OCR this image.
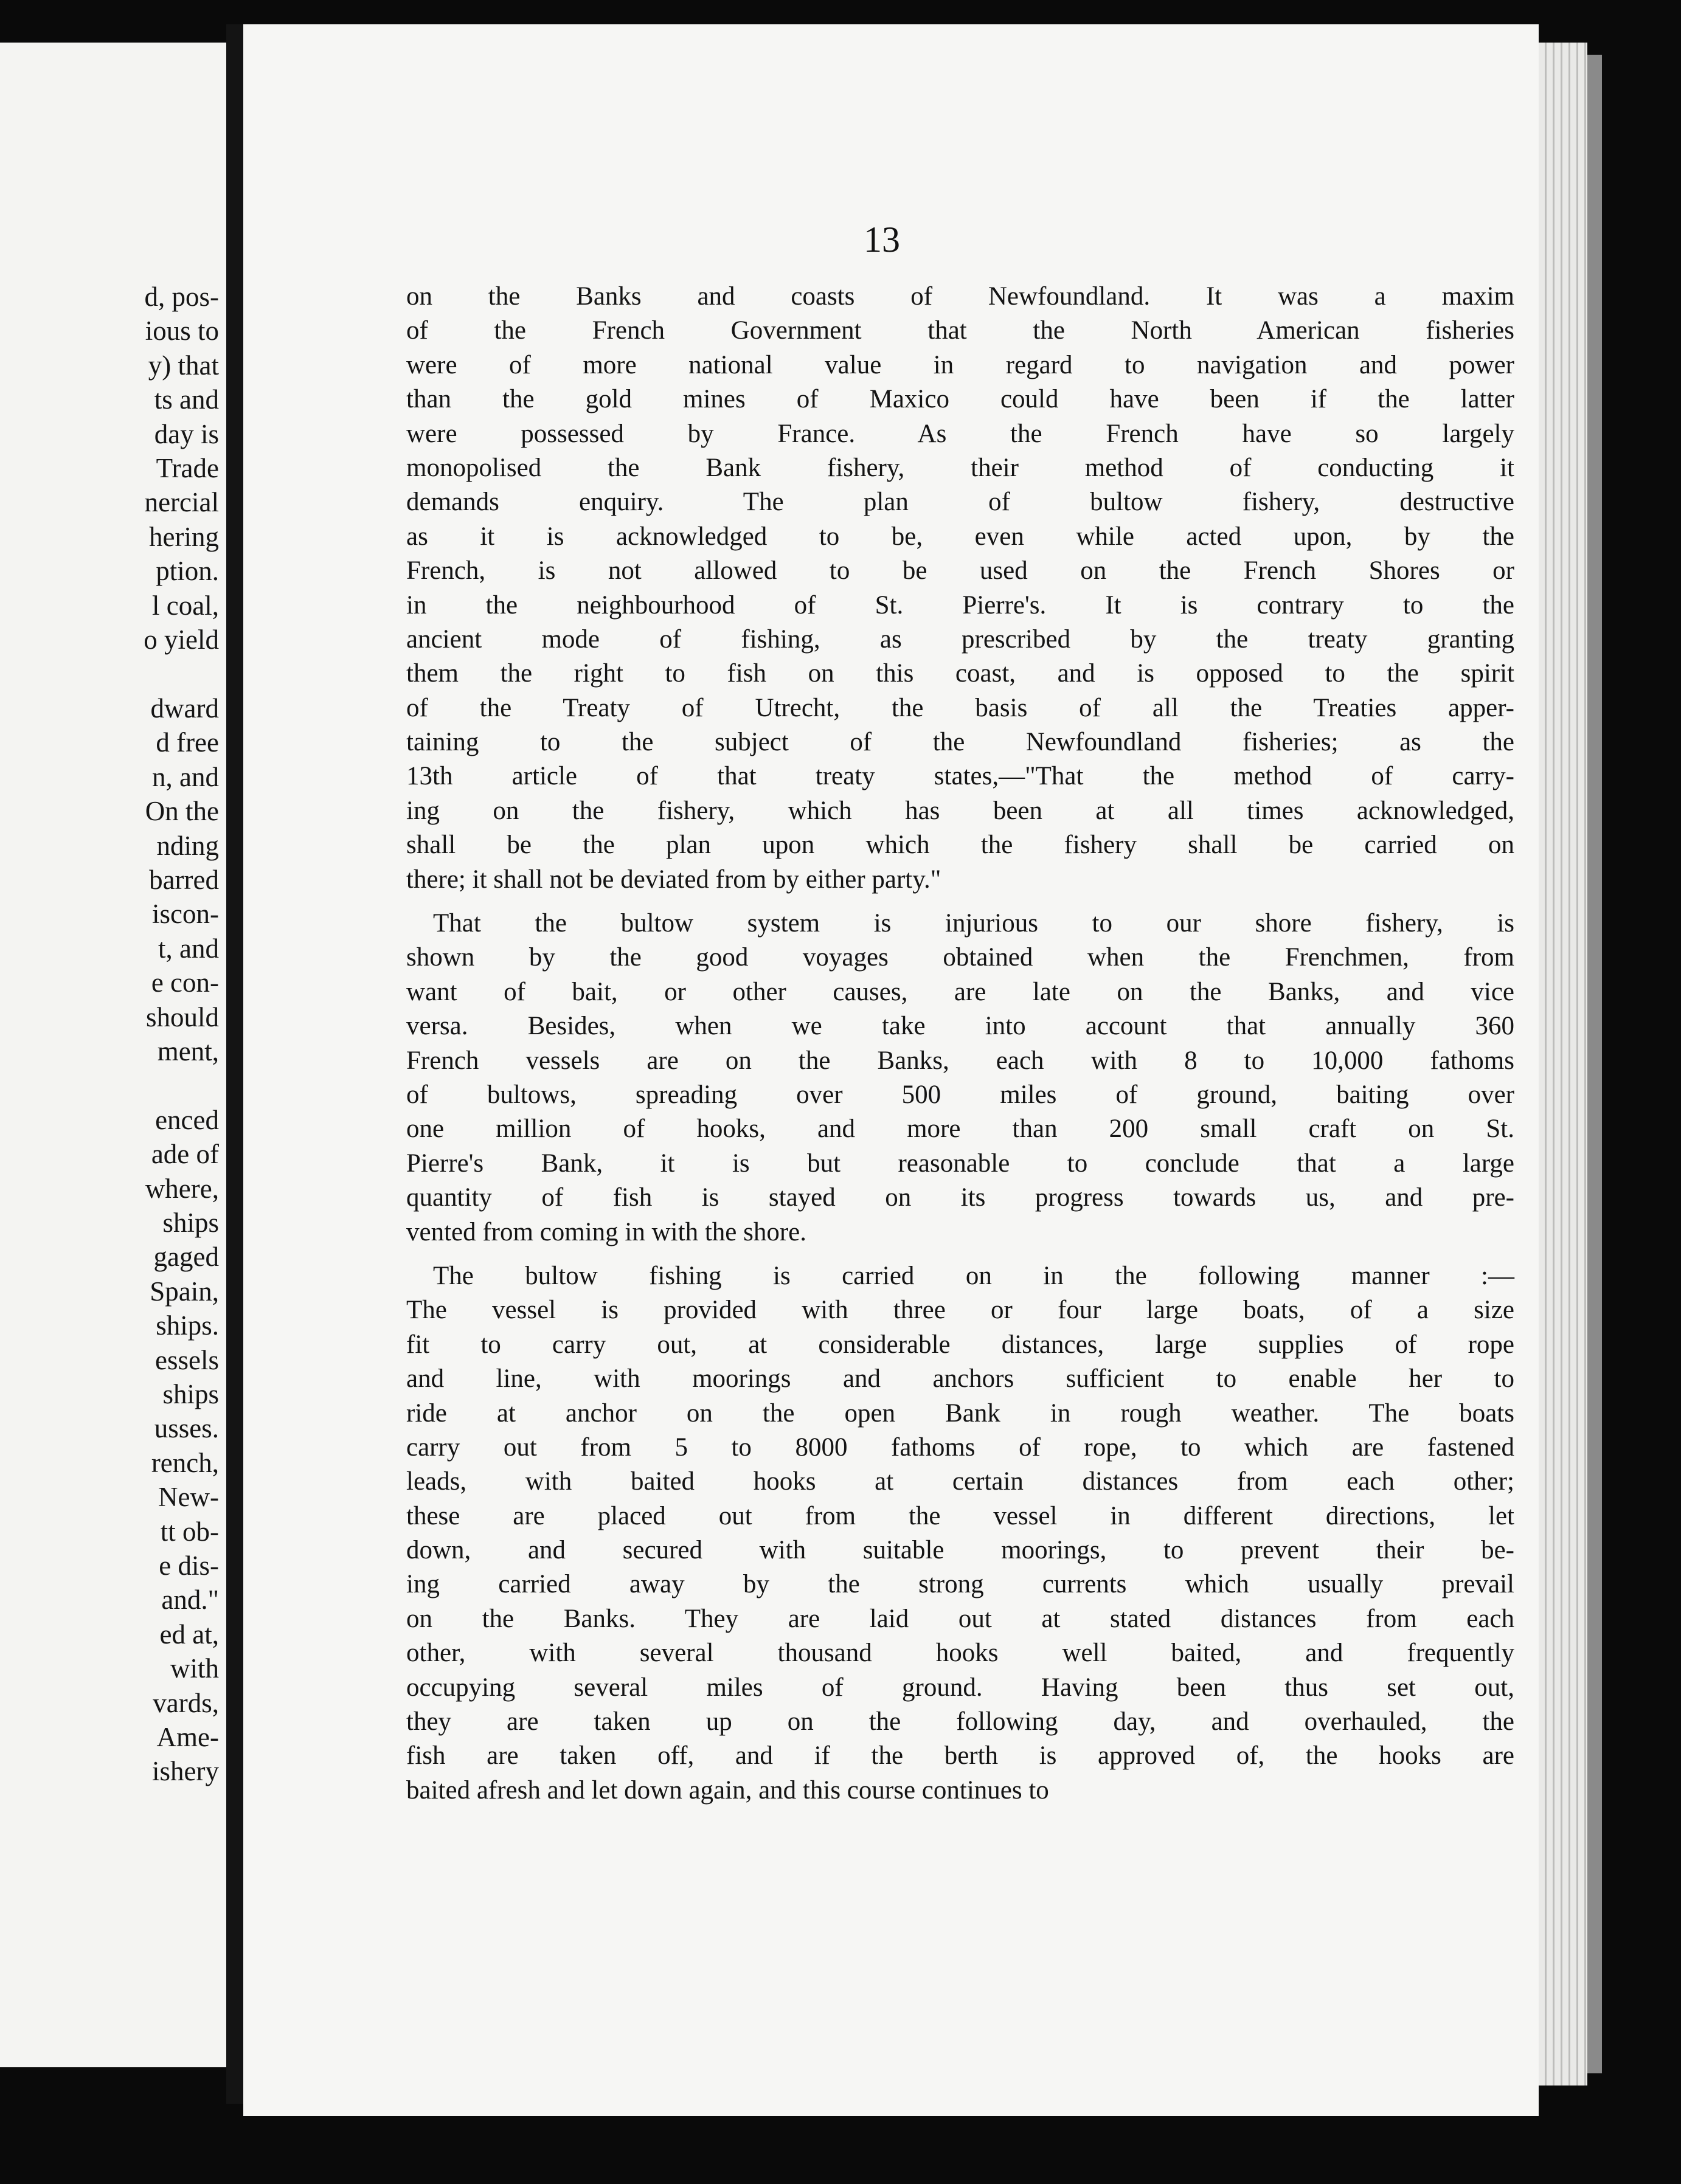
d, pos-
ious to
y) that
ts and
day is
Trade
nercial
hering
ption.
l coal,
o yield

dward
d free
n, and
On the
nding
barred
iscon-
t, and
e con-
should
ment,

enced
ade of
where,
ships
gaged
Spain,
ships.
essels
ships
usses.
rench,
New-
tt ob-
e dis-
and."
ed at,
with
vards,
Ame-
ishery

13

on the Banks and coasts of Newfoundland. It was a maxim
of the French Government that the North American fisheries
were of more national value in regard to navigation and power
than the gold mines of Maxico could have been if the latter
were possessed by France. As the French have so largely
monopolised the Bank fishery, their method of conducting it
demands enquiry. The plan of bultow fishery, destructive
as it is acknowledged to be, even while acted upon, by the
French, is not allowed to be used on the French Shores or
in the neighbourhood of St. Pierre's. It is contrary to the
ancient mode of fishing, as prescribed by the treaty granting
them the right to fish on this coast, and is opposed to the spirit
of the Treaty of Utrecht, the basis of all the Treaties apper-
taining to the subject of the Newfoundland fisheries; as the
13th article of that treaty states,—"That the method of carry-
ing on the fishery, which has been at all times acknowledged,
shall be the plan upon which the fishery shall be carried on
there; it shall not be deviated from by either party."
That the bultow system is injurious to our shore fishery, is
shown by the good voyages obtained when the Frenchmen, from
want of bait, or other causes, are late on the Banks, and vice
versa. Besides, when we take into account that annually 360
French vessels are on the Banks, each with 8 to 10,000 fathoms
of bultows, spreading over 500 miles of ground, baiting over
one million of hooks, and more than 200 small craft on St.
Pierre's Bank, it is but reasonable to conclude that a large
quantity of fish is stayed on its progress towards us, and pre-
vented from coming in with the shore.
The bultow fishing is carried on in the following manner :—
The vessel is provided with three or four large boats, of a size
fit to carry out, at considerable distances, large supplies of rope
and line, with moorings and anchors sufficient to enable her to
ride at anchor on the open Bank in rough weather. The boats
carry out from 5 to 8000 fathoms of rope, to which are fastened
leads, with baited hooks at certain distances from each other;
these are placed out from the vessel in different directions, let
down, and secured with suitable moorings, to prevent their be-
ing carried away by the strong currents which usually prevail
on the Banks. They are laid out at stated distances from each
other, with several thousand hooks well baited, and frequently
occupying several miles of ground. Having been thus set out,
they are taken up on the following day, and overhauled, the
fish are taken off, and if the berth is approved of, the hooks are
baited afresh and let down again, and this course continues to
